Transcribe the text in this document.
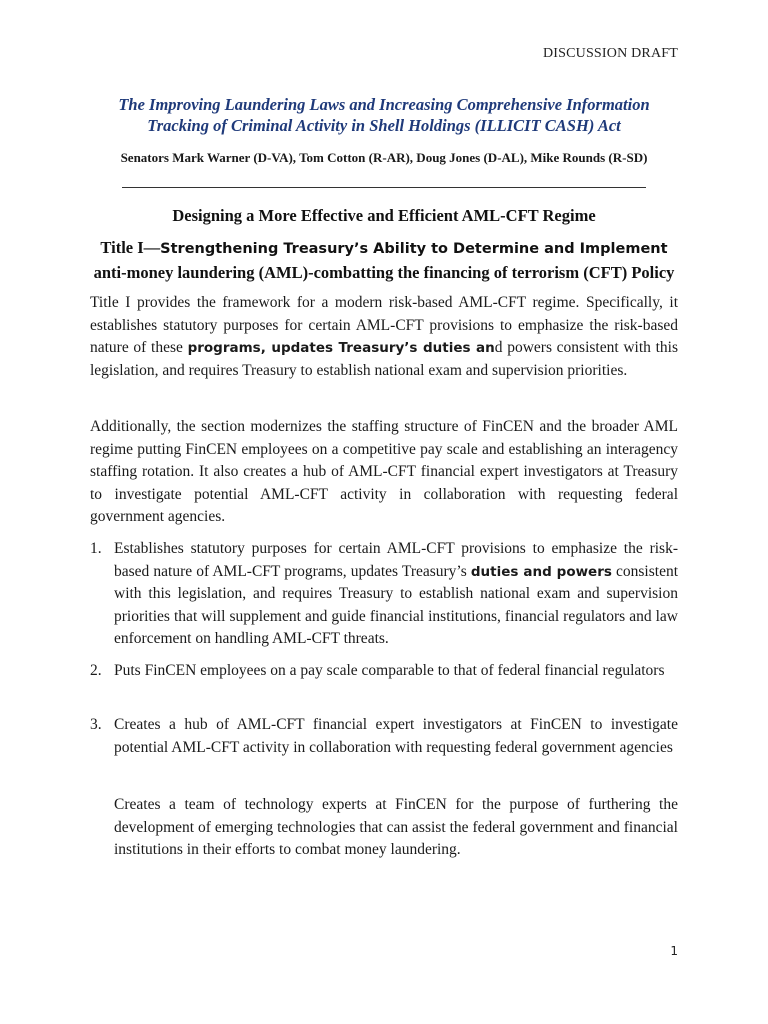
DISCUSSION DRAFT
The Improving Laundering Laws and Increasing Comprehensive Information
Tracking of Criminal Activity in Shell Holdings (ILLICIT CASH) Act
Senators Mark Warner (D-VA), Tom Cotton (R-AR), Doug Jones (D-AL), Mike Rounds (R-SD)
Designing a More Effective and Efficient AML-CFT Regime
Title I—Strengthening Treasury’s Ability to Determine and Implement anti-money laundering (AML)-combatting the financing of terrorism (CFT) Policy

Title I provides the framework for a modern risk-based AML-CFT regime. Specifically, it establishes statutory purposes for certain AML-CFT provisions to emphasize the risk-based nature of these programs, updates Treasury’s duties and powers consistent with this legislation, and requires Treasury to establish national exam and supervision priorities.

Additionally, the section modernizes the staffing structure of FinCEN and the broader AML regime putting FinCEN employees on a competitive pay scale and establishing an interagency staffing rotation. It also creates a hub of AML-CFT financial expert investigators at Treasury to investigate potential AML-CFT activity in collaboration with requesting federal government agencies.

1. Establishes statutory purposes for certain AML-CFT provisions to emphasize the risk-based nature of AML-CFT programs, updates Treasury’s duties and powers consistent with this legislation, and requires Treasury to establish national exam and supervision priorities that will supplement and guide financial institutions, financial regulators and law enforcement on handling AML-CFT threats.
2. Puts FinCEN employees on a pay scale comparable to that of federal financial regulators
3. Creates a hub of AML-CFT financial expert investigators at FinCEN to investigate potential AML-CFT activity in collaboration with requesting federal government agencies

Creates a team of technology experts at FinCEN for the purpose of furthering the development of emerging technologies that can assist the federal government and financial institutions in their efforts to combat money laundering.

1
